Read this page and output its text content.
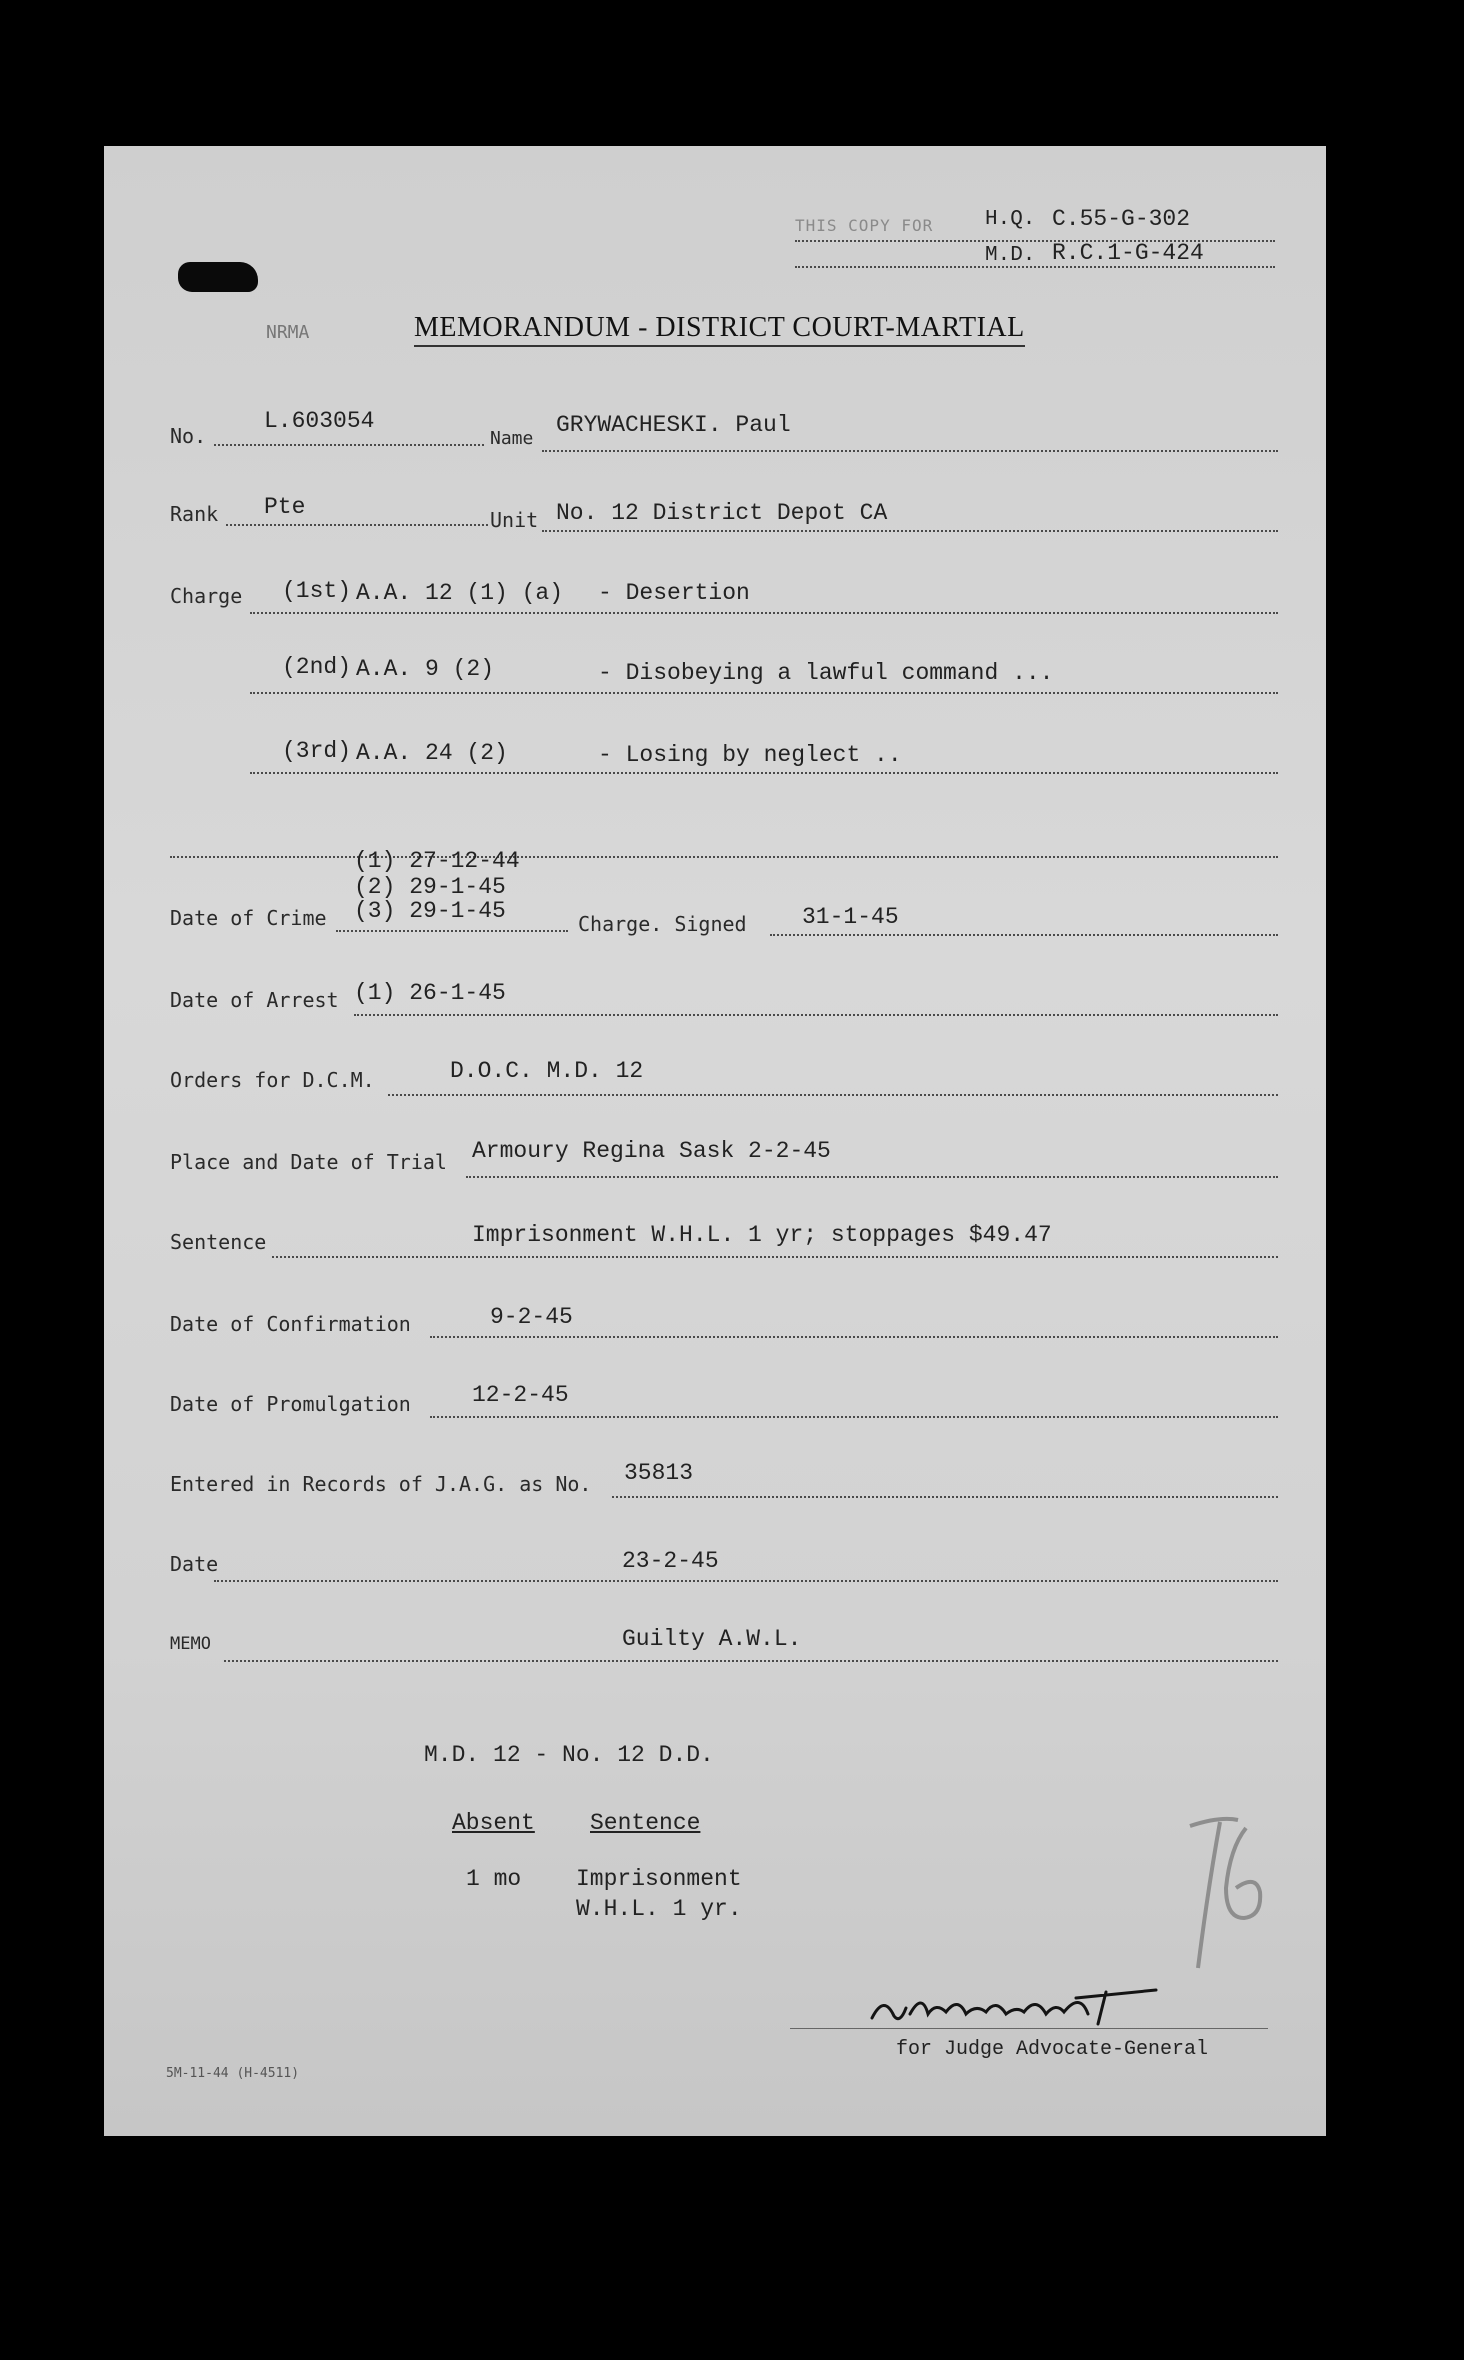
THIS COPY FOR H.Q. C.55-G-302
M.D. R.C.1-G-424
NRMA	MEMORANDUM - DISTRICT COURT-MARTIAL
No.
L.603054
Name
GRYWACHESKI. Paul
Rank Pte	Unit No. 12 District Depot CA
Charge (1st) A.A. 12 (1) (a) - Desertion
(2nd) A.A. 9 (2)	- Disobeying a lawful command ...
(3rd) A.A. 24 (2)	- Losing by neglect ..
(1) 27-12-44
(2) 29-1-45
(3) 29-1-45
Date of Crime	Charge. Signed 31-1-45
Date of Arrest (1) 26-1-45
Orders for D.C.M.	D.O.C. M.D. 12
Place and Date of Trial Armoury Regina Sask 2-2-45
Sentence	Imprisonment W.H.L. 1 yr; stoppages $49.47
Date of Confirmation	9-2-45
Date of Promulgation	12-2-45
Entered in Records of J.A.G. as No. 35813
Date	23-2-45
MEMO	Guilty A.W.L.
M.D. 12 - No. 12 D.D.
Absent Sentence
1 mo Imprisonment
W.H.L. 1 yr.
for Judge Advocate-General
5M-11-44 (H-4511)
